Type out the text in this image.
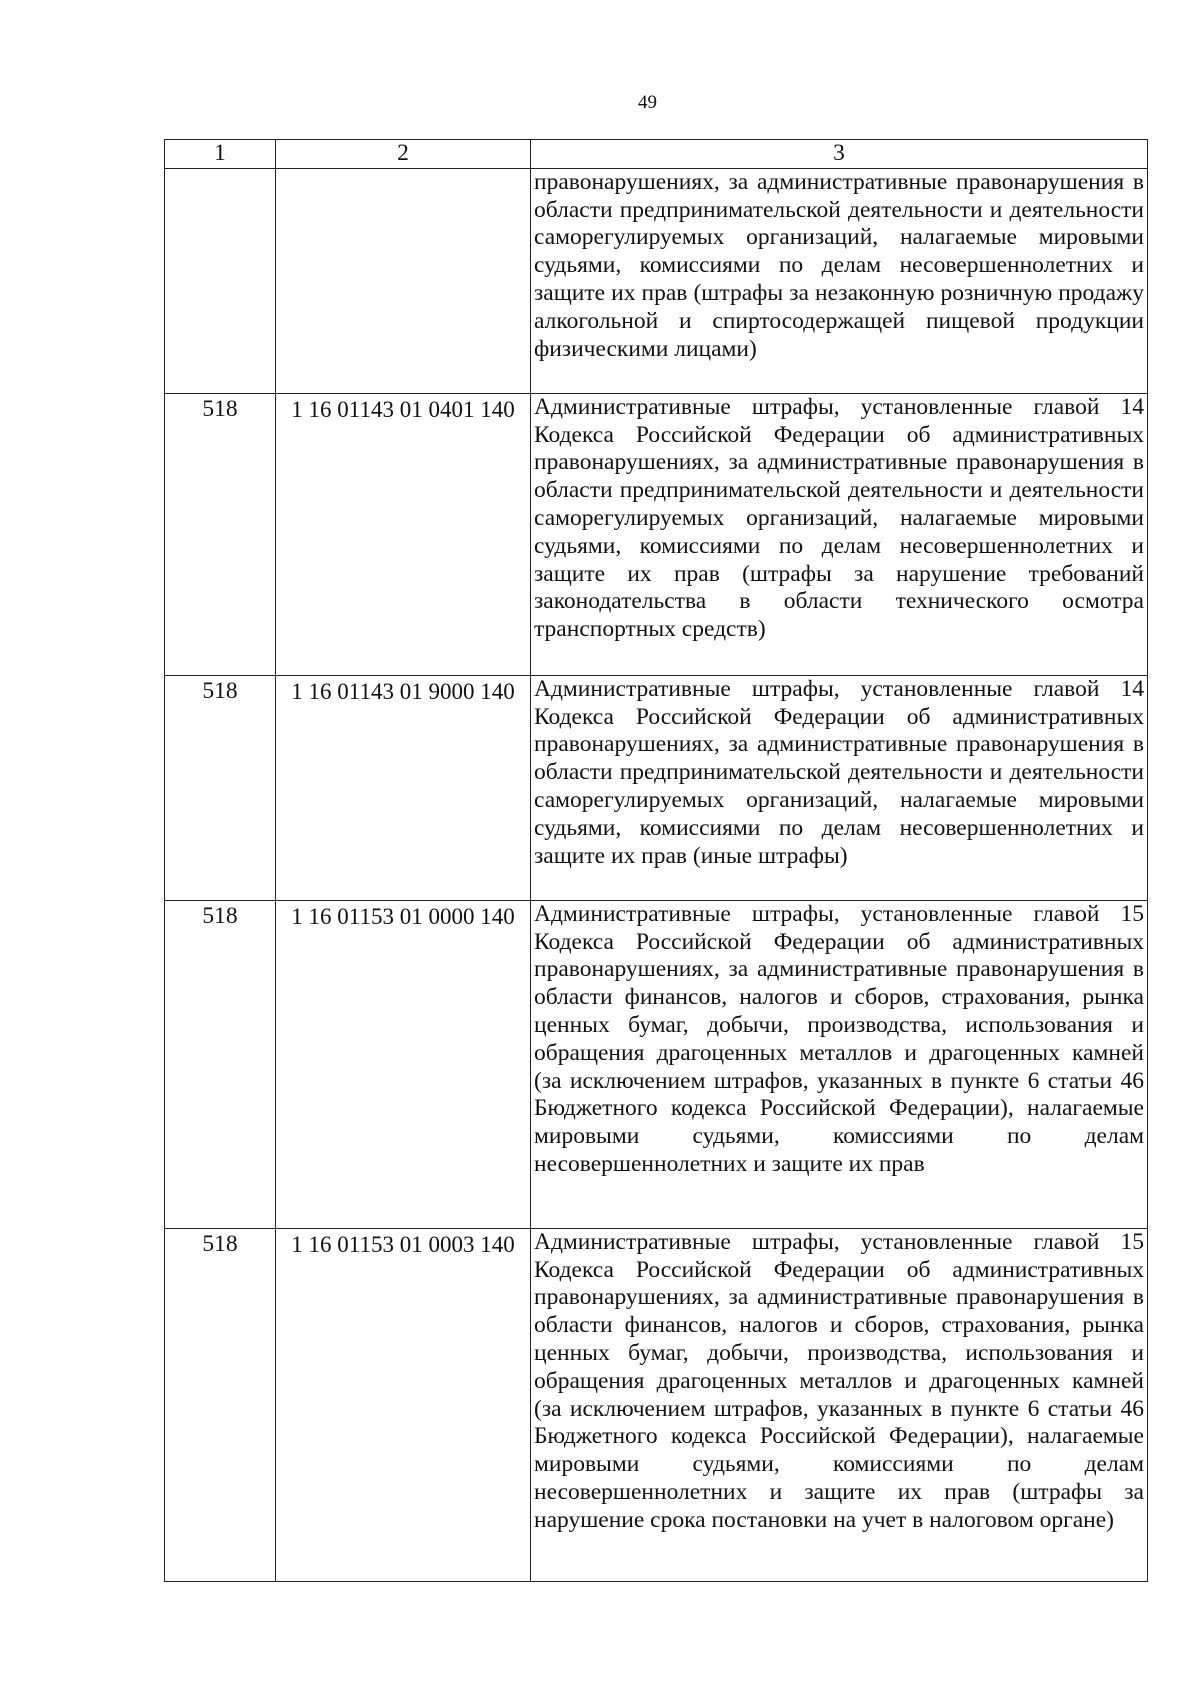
49
1	2	3
		правонарушениях, за административные правонарушения в области предпринимательской деятельности и деятельности саморегулируемых организаций, налагаемые мировыми судьями, комиссиями по делам несовершеннолетних и защите их прав (штрафы за незаконную розничную продажу алкогольной и спиртосодержащей пищевой продукции физическими лицами)
518	1 16 01143 01 0401 140	Административные штрафы, установленные главой 14 Кодекса Российской Федерации об административных правонарушениях, за административные правонарушения в области предпринимательской деятельности и деятельности саморегулируемых организаций, налагаемые мировыми судьями, комиссиями по делам несовершеннолетних и защите их прав (штрафы за нарушение требований законодательства в области технического осмотра транспортных средств)
518	1 16 01143 01 9000 140	Административные штрафы, установленные главой 14 Кодекса Российской Федерации об административных правонарушениях, за административные правонарушения в области предпринимательской деятельности и деятельности саморегулируемых организаций, налагаемые мировыми судьями, комиссиями по делам несовершеннолетних и защите их прав (иные штрафы)
518	1 16 01153 01 0000 140	Административные штрафы, установленные главой 15 Кодекса Российской Федерации об административных правонарушениях, за административные правонарушения в области финансов, налогов и сборов, страхования, рынка ценных бумаг, добычи, производства, использования и обращения драгоценных металлов и драгоценных камней (за исключением штрафов, указанных в пункте 6 статьи 46 Бюджетного кодекса Российской Федерации), налагаемые мировыми судьями, комиссиями по делам несовершеннолетних и защите их прав
518	1 16 01153 01 0003 140	Административные штрафы, установленные главой 15 Кодекса Российской Федерации об административных правонарушениях, за административные правонарушения в области финансов, налогов и сборов, страхования, рынка ценных бумаг, добычи, производства, использования и обращения драгоценных металлов и драгоценных камней (за исключением штрафов, указанных в пункте 6 статьи 46 Бюджетного кодекса Российской Федерации), налагаемые мировыми судьями, комиссиями по делам несовершеннолетних и защите их прав (штрафы за нарушение срока постановки на учет в налоговом органе)
